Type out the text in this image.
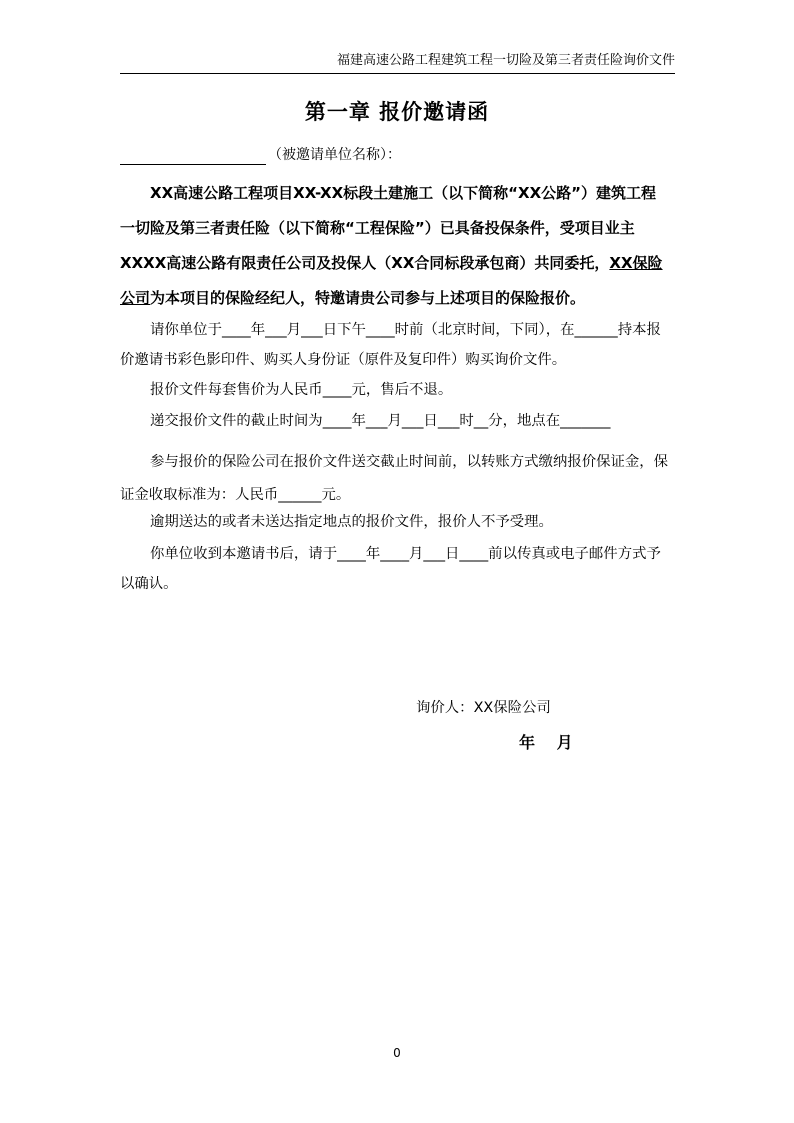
福建高速公路工程建筑工程一切险及第三者责任险询价文件
第一章 报价邀请函
（被邀请单位名称）：

XX高速公路工程项目XX-XX标段土建施工（以下简称“XX公路”）建筑工程一切险及第三者责任险（以下简称“工程保险”）已具备投保条件，受项目业主XXXX高速公路有限责任公司及投保人（XX合同标段承包商）共同委托，XX保险公司为本项目的保险经纪人，特邀请贵公司参与上述项目的保险报价。

请你单位于____年___月___日下午____时前（北京时间，下同），在______持本报价邀请书彩色影印件、购买人身份证（原件及复印件）购买询价文件。

报价文件每套售价为人民币____元，售后不退。

递交报价文件的截止时间为____年___月___日___时__分，地点在_______

参与报价的保险公司在报价文件送交截止时间前，以转账方式缴纳报价保证金，保证金收取标准为：人民币______元。

逾期送达的或者未送达指定地点的报价文件，报价人不予受理。

你单位收到本邀请书后，请于____年____月___日____前以传真或电子邮件方式予以确认。

询价人：XX保险公司
年 月
0
